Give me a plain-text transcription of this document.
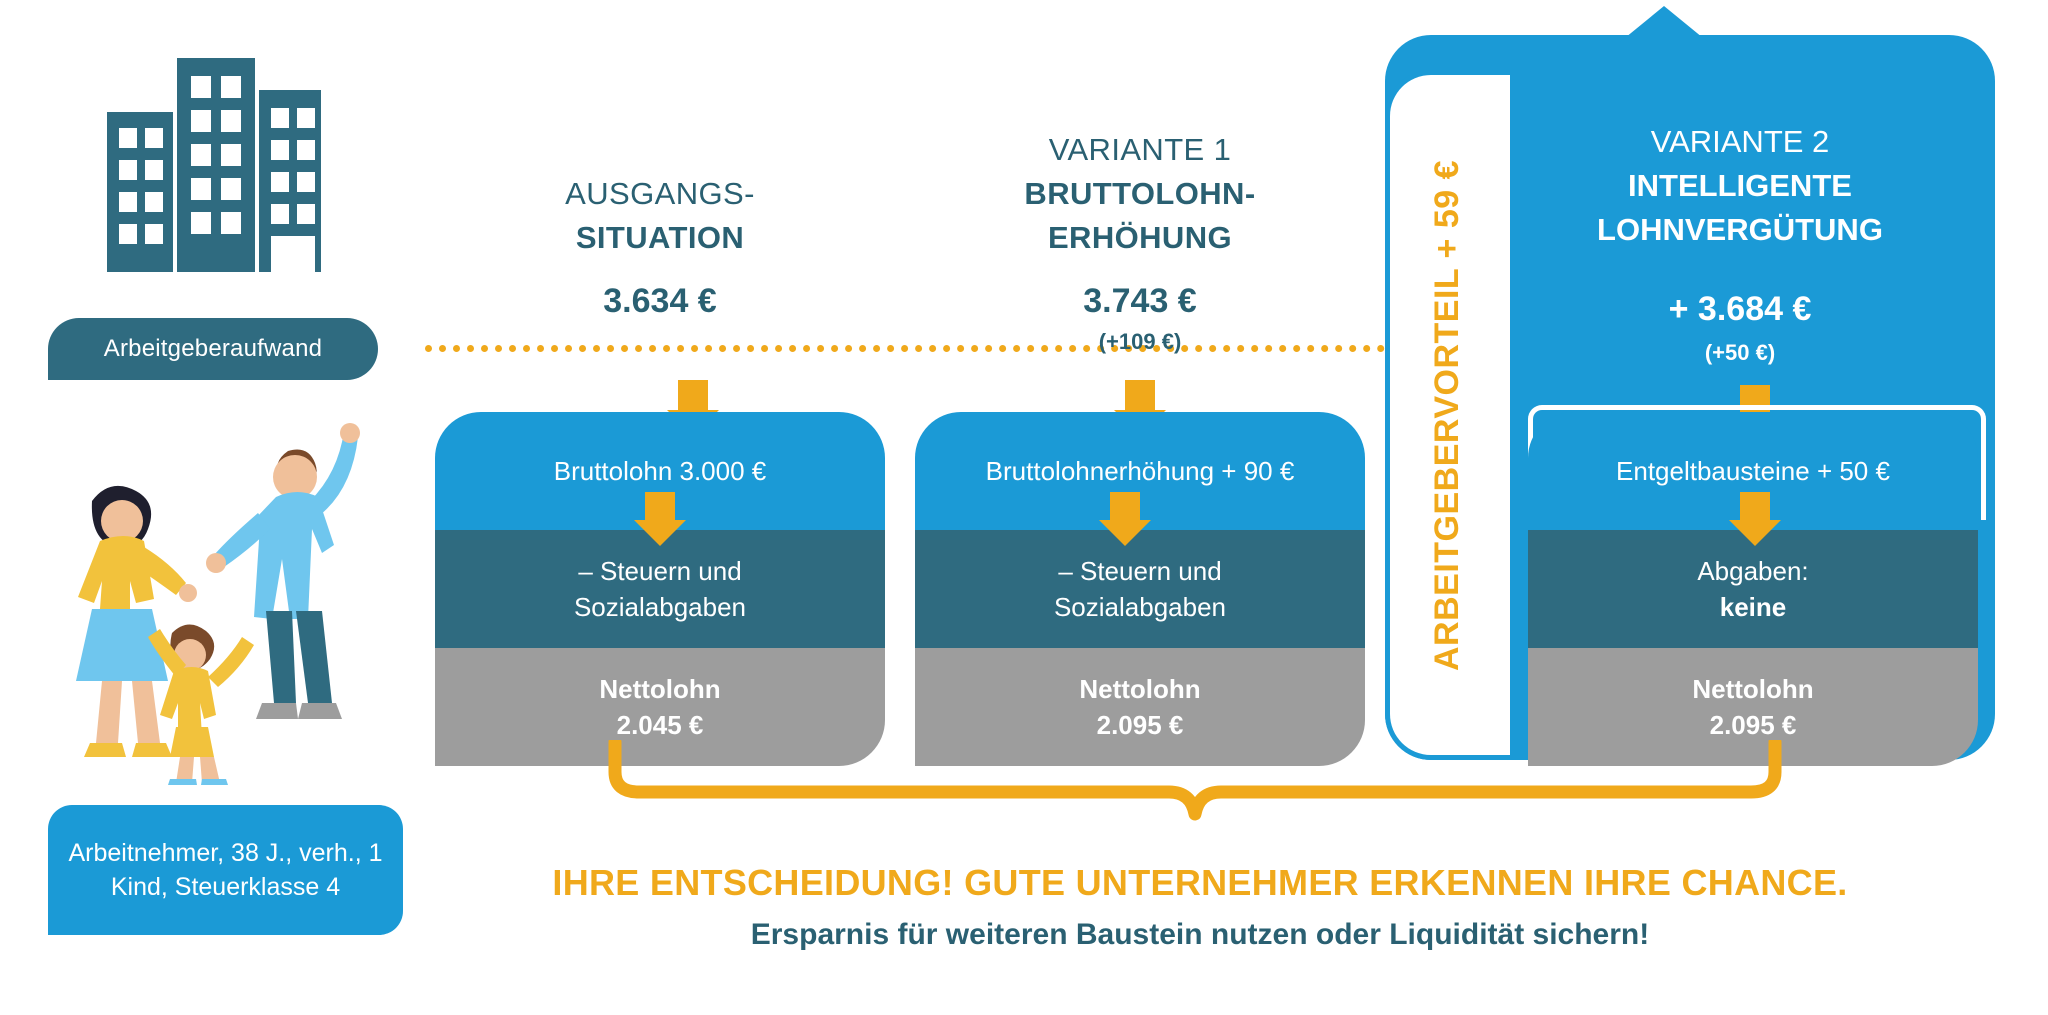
Arbeitgeberaufwand
Arbeitnehmer, 38 J., verh., 1 Kind, Steuerklasse 4
AUSGANGS-
SITUATION
3.634 €
Bruttolohn 3.000 €
– Steuern und
Sozialabgaben
Nettolohn
2.045 €
VARIANTE 1
BRUTTOLOHN-
ERHÖHUNG
3.743 €
(+109 €)
Bruttolohnerhöhung + 90 €
– Steuern und
Sozialabgaben
Nettolohn
2.095 €
ARBEITGEBERVORTEIL + 59 €
VARIANTE 2
INTELLIGENTE
LOHNVERGÜTUNG
+ 3.684 €
(+50 €)
Entgeltbausteine + 50 €
Abgaben:
keine
Nettolohn
2.095 €
IHRE ENTSCHEIDUNG! GUTE UNTERNEHMER ERKENNEN IHRE CHANCE.
Ersparnis für weiteren Baustein nutzen oder Liquidität sichern!
